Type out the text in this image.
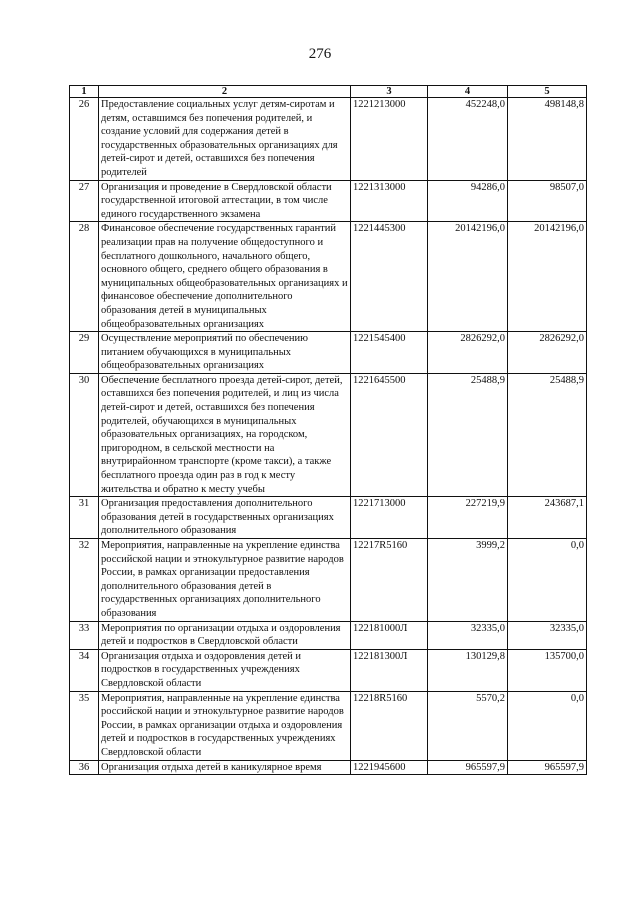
276
1	2	3	4	5
26	Предоставление социальных услуг детям-сиротам и детям, оставшимся без попечения родителей, и создание условий для содержания детей в государственных образовательных организациях для детей-сирот и детей, оставшихся без попечения родителей	1221213000	452248,0	498148,8
27	Организация и проведение в Свердловской области государственной итоговой аттестации, в том числе единого государственного экзамена	1221313000	94286,0	98507,0
28	Финансовое обеспечение государственных гарантий реализации прав на получение общедоступного и бесплатного дошкольного, начального общего, основного общего, среднего общего образования в муниципальных общеобразовательных организациях и финансовое обеспечение дополнительного образования детей в муниципальных общеобразовательных организациях	1221445300	20142196,0	20142196,0
29	Осуществление мероприятий по обеспечению питанием обучающихся в муниципальных общеобразовательных организациях	1221545400	2826292,0	2826292,0
30	Обеспечение бесплатного проезда детей-сирот, детей, оставшихся без попечения родителей, и лиц из числа детей-сирот и детей, оставшихся без попечения родителей, обучающихся в муниципальных образовательных организациях, на городском, пригородном, в сельской местности на внутрирайонном транспорте (кроме такси), а также бесплатного проезда один раз в год к месту жительства и обратно к месту учебы	1221645500	25488,9	25488,9
31	Организация предоставления дополнительного образования детей в государственных организациях дополнительного образования	1221713000	227219,9	243687,1
32	Мероприятия, направленные на укрепление единства российской нации и этнокультурное развитие народов России, в рамках организации предоставления дополнительного образования детей в государственных организациях дополнительного образования	12217R5160	3999,2	0,0
33	Мероприятия по организации отдыха и оздоровления детей и подростков в Свердловской области	122181000Л	32335,0	32335,0
34	Организация отдыха и оздоровления детей и подростков в государственных учреждениях Свердловской области	122181300Л	130129,8	135700,0
35	Мероприятия, направленные на укрепление единства российской нации и этнокультурное развитие народов России, в рамках организации отдыха и оздоровления детей и подростков в государственных учреждениях Свердловской области	12218R5160	5570,2	0,0
36	Организация отдыха детей в каникулярное время	1221945600	965597,9	965597,9
